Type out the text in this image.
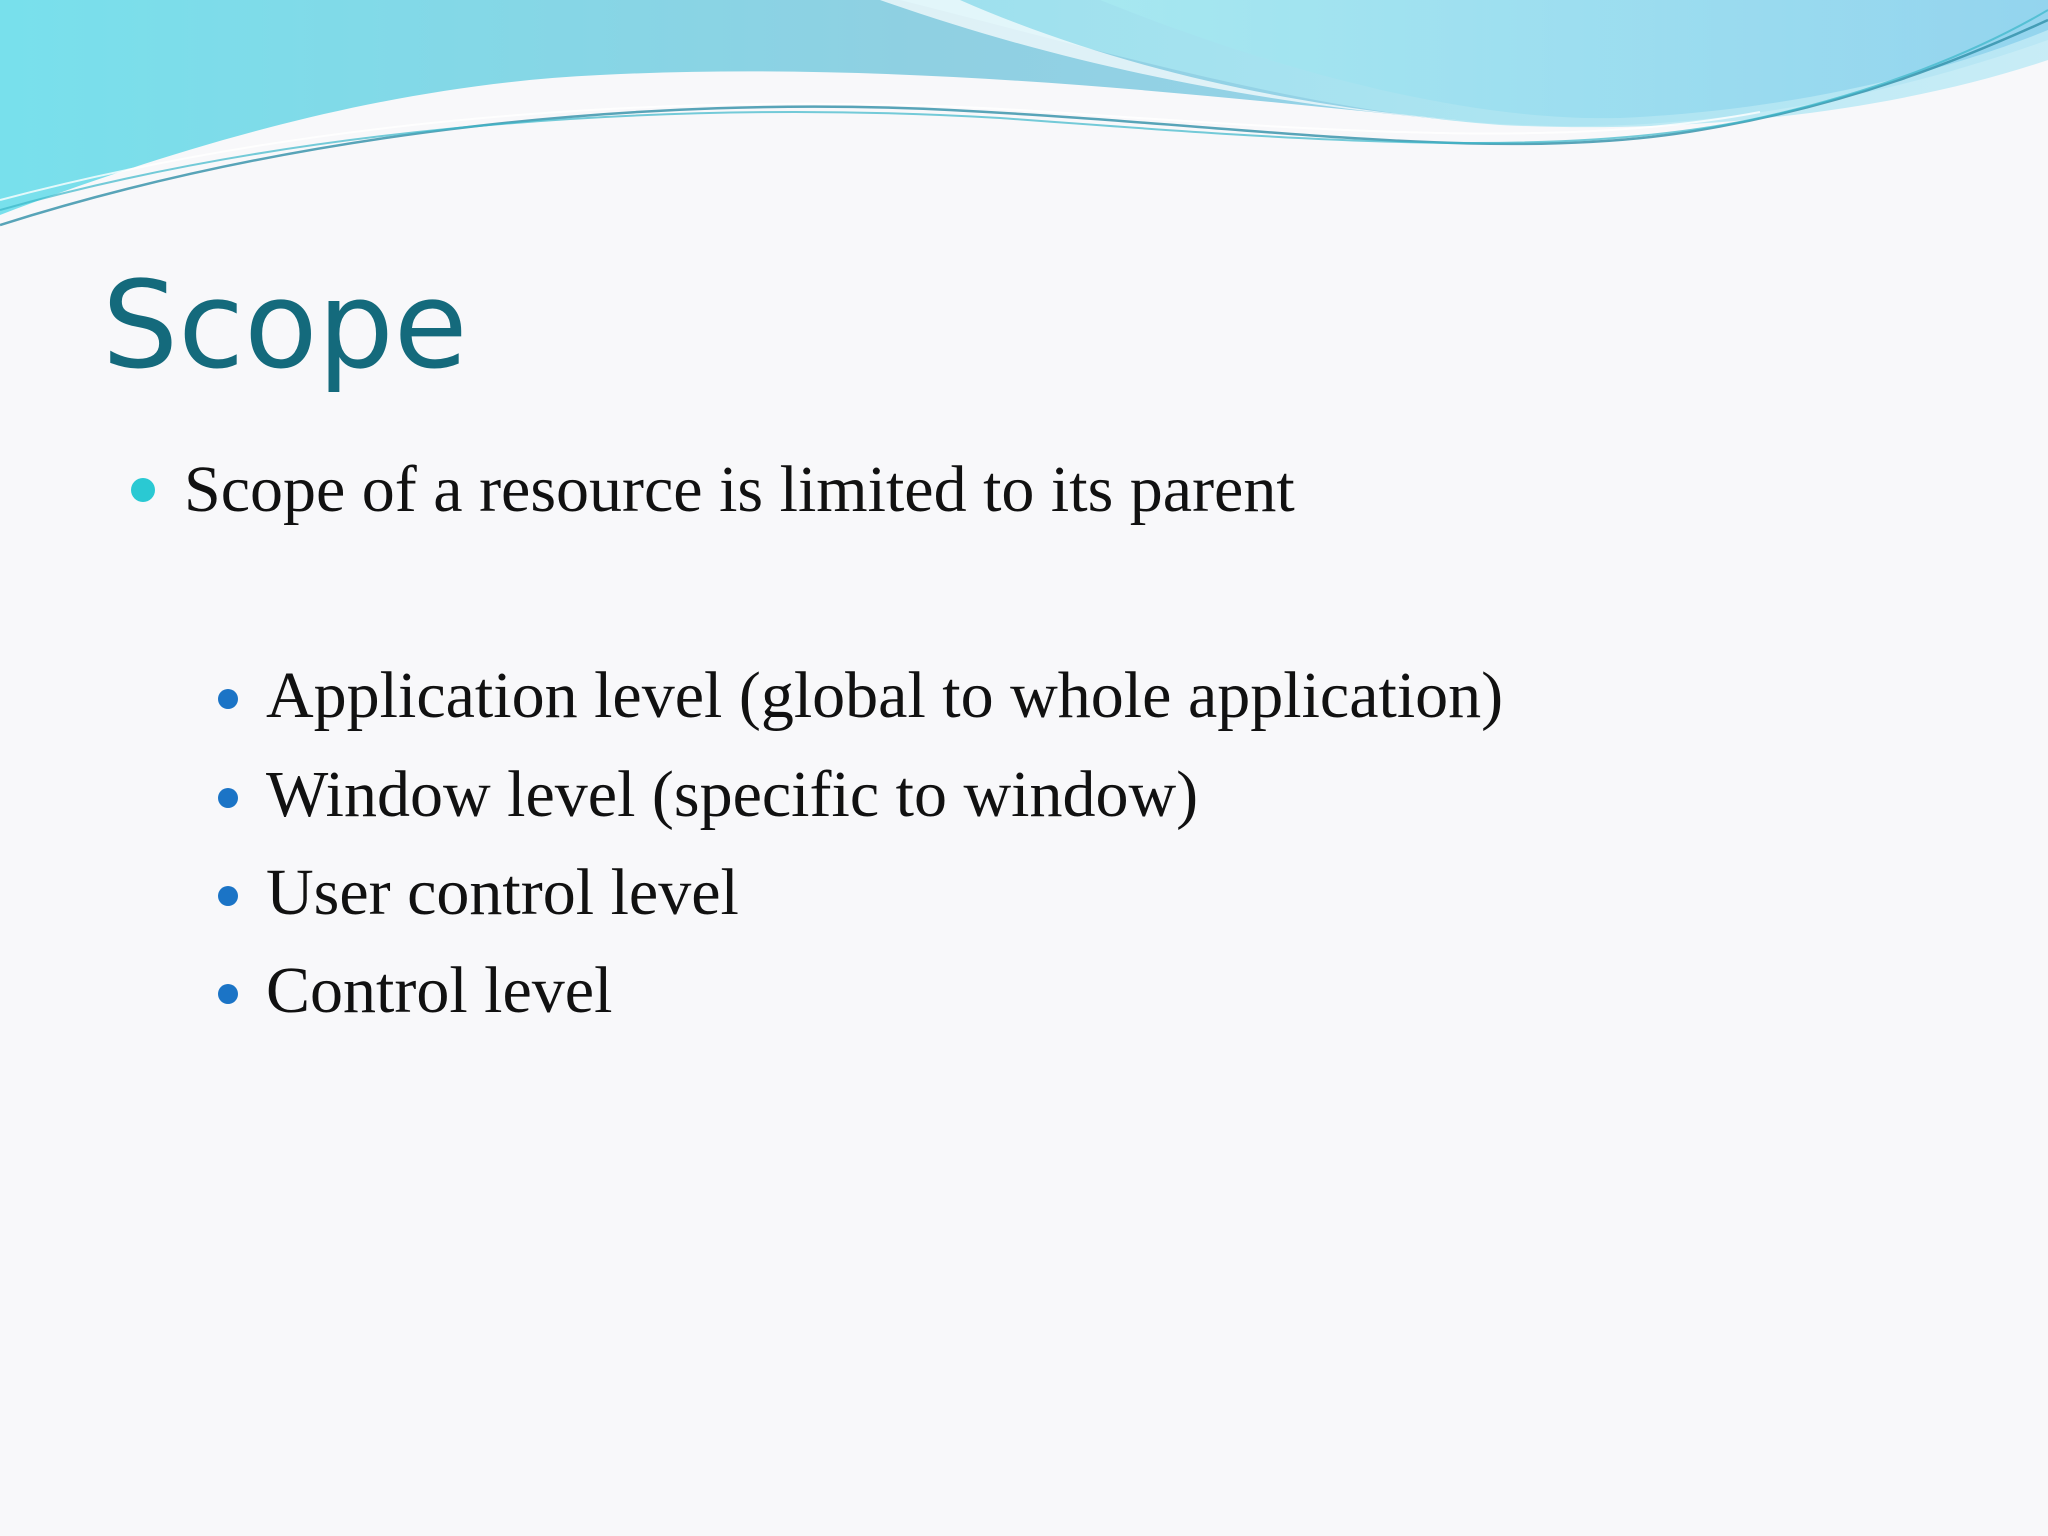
Scope
Scope of a resource is limited to its parent
Application level (global to whole application)
Window level (specific to window)
User control level
Control level
